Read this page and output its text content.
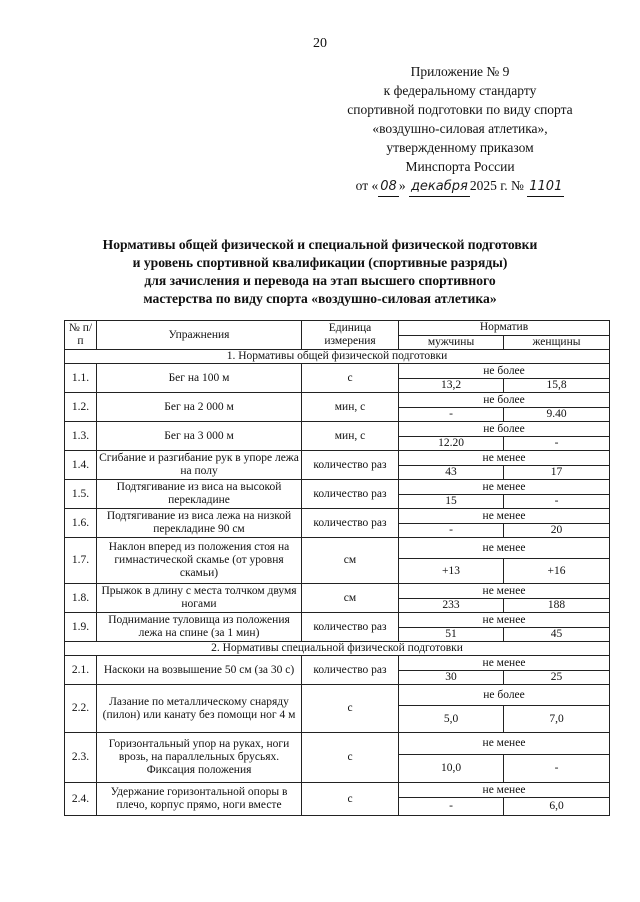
20
Приложение № 9
к федеральному стандарту
спортивной подготовки по виду спорта
«воздушно-силовая атлетика»,
утвержденному приказом
Минспорта России
от « 08 » декабря 2025 г. № 1101
Нормативы общей физической и специальной физической подготовки
и уровень спортивной квалификации (спортивные разряды)
для зачисления и перевода на этап высшего спортивного
мастерства по виду спорта «воздушно-силовая атлетика»
№ п/п	Упражнения	Единица измерения	Норматив	
			мужчины	женщины
1. Нормативы общей физической подготовки				
1.1.	Бег на 100 м	с	не более	
			13,2	15,8
1.2.	Бег на 2 000 м	мин, с	не более	
			-	9.40
1.3.	Бег на 3 000 м	мин, с	не более	
			12.20	-
1.4.	Сгибание и разгибание рук в упоре лежа на полу	количество раз	не менее	
			43	17
1.5.	Подтягивание из виса на высокой перекладине	количество раз	не менее	
			15	-
1.6.	Подтягивание из виса лежа на низкой перекладине 90 см	количество раз	не менее	
			-	20
1.7.	Наклон вперед из положения стоя на гимнастической скамье (от уровня скамьи)	см	не менее	
			+13	+16
1.8.	Прыжок в длину с места толчком двумя ногами	см	не менее	
			233	188
1.9.	Поднимание туловища из положения лежа на спине (за 1 мин)	количество раз	не менее	
			51	45
2. Нормативы специальной физической подготовки				
2.1.	Наскоки на возвышение 50 см (за 30 с)	количество раз	не менее	
			30	25
2.2.	Лазание по металлическому снаряду (пилон) или канату без помощи ног 4 м	с	не более	
			5,0	7,0
2.3.	Горизонтальный упор на руках, ноги врозь, на параллельных брусьях. Фиксация положения	с	не менее	
			10,0	-
2.4.	Удержание горизонтальной опоры в плечо, корпус прямо, ноги вместе	с	не менее	
			-	6,0
